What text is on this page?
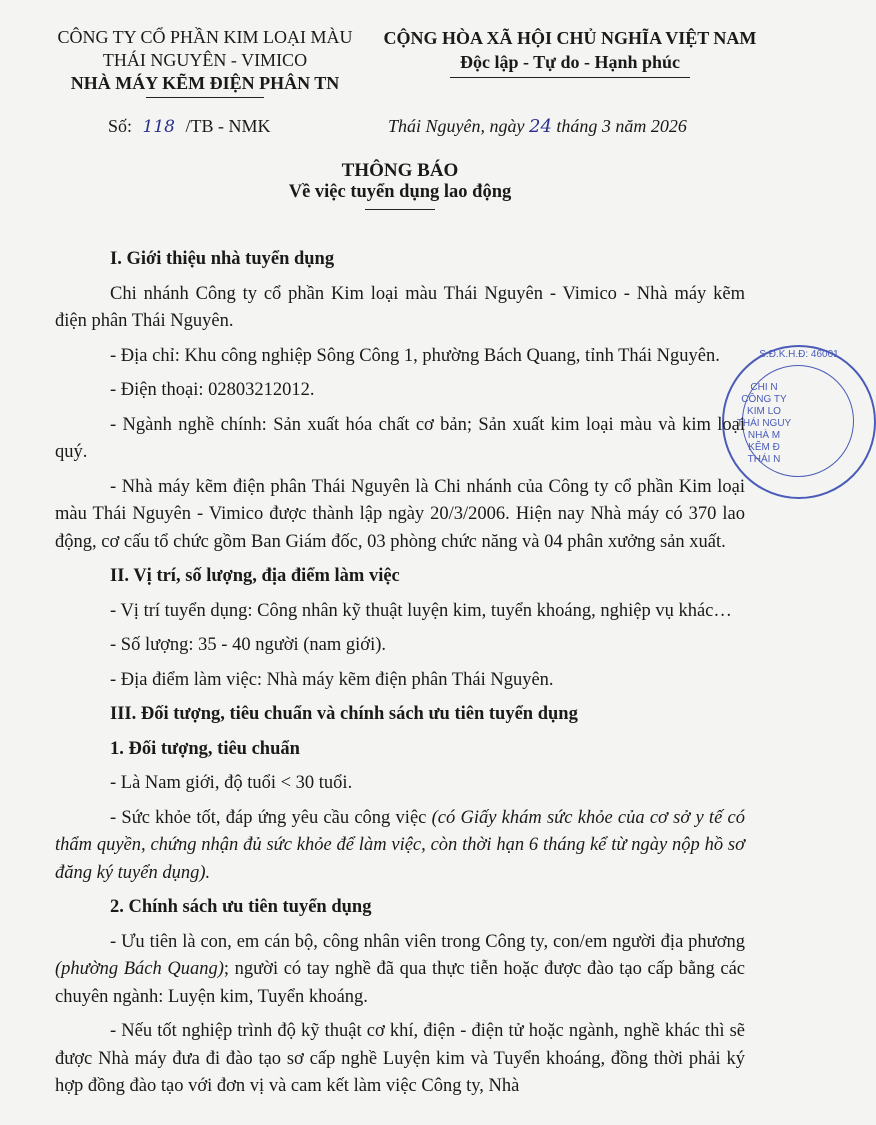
CÔNG TY CỔ PHẦN KIM LOẠI MÀU
THÁI NGUYÊN - VIMICO
NHÀ MÁY KẼM ĐIỆN PHÂN TN
CỘNG HÒA XÃ HỘI CHỦ NGHĨA VIỆT NAM
Độc lập - Tự do - Hạnh phúc
Số: 118 /TB - NMK	Thái Nguyên, ngày 24 tháng 3 năm 2026
THÔNG BÁO
Về việc tuyển dụng lao động
S.Đ.K.H.Đ: 46001
CHI N
CÔNG TY
KIM LO
THÁI NGUY
NHÀ M
KẼM Đ
THÁI N
I. Giới thiệu nhà tuyển dụng

Chi nhánh Công ty cổ phần Kim loại màu Thái Nguyên - Vimico - Nhà máy kẽm điện phân Thái Nguyên.

- Địa chỉ: Khu công nghiệp Sông Công 1, phường Bách Quang, tỉnh Thái Nguyên.

- Điện thoại: 02803212012.

- Ngành nghề chính: Sản xuất hóa chất cơ bản; Sản xuất kim loại màu và kim loại quý.

- Nhà máy kẽm điện phân Thái Nguyên là Chi nhánh của Công ty cổ phần Kim loại màu Thái Nguyên - Vimico được thành lập ngày 20/3/2006. Hiện nay Nhà máy có 370 lao động, cơ cấu tổ chức gồm Ban Giám đốc, 03 phòng chức năng và 04 phân xưởng sản xuất.

II. Vị trí, số lượng, địa điểm làm việc

- Vị trí tuyển dụng: Công nhân kỹ thuật luyện kim, tuyển khoáng, nghiệp vụ khác…

- Số lượng: 35 - 40 người (nam giới).

- Địa điểm làm việc: Nhà máy kẽm điện phân Thái Nguyên.

III. Đối tượng, tiêu chuẩn và chính sách ưu tiên tuyển dụng
1. Đối tượng, tiêu chuẩn

- Là Nam giới, độ tuổi < 30 tuổi.

- Sức khỏe tốt, đáp ứng yêu cầu công việc (có Giấy khám sức khỏe của cơ sở y tế có thẩm quyền, chứng nhận đủ sức khỏe để làm việc, còn thời hạn 6 tháng kể từ ngày nộp hồ sơ đăng ký tuyển dụng).

2. Chính sách ưu tiên tuyển dụng

- Ưu tiên là con, em cán bộ, công nhân viên trong Công ty, con/em người địa phương (phường Bách Quang); người có tay nghề đã qua thực tiễn hoặc được đào tạo cấp bằng các chuyên ngành: Luyện kim, Tuyển khoáng.

- Nếu tốt nghiệp trình độ kỹ thuật cơ khí, điện - điện tử hoặc ngành, nghề khác thì sẽ được Nhà máy đưa đi đào tạo sơ cấp nghề Luyện kim và Tuyển khoáng, đồng thời phải ký hợp đồng đào tạo với đơn vị và cam kết làm việc Công ty, Nhà
